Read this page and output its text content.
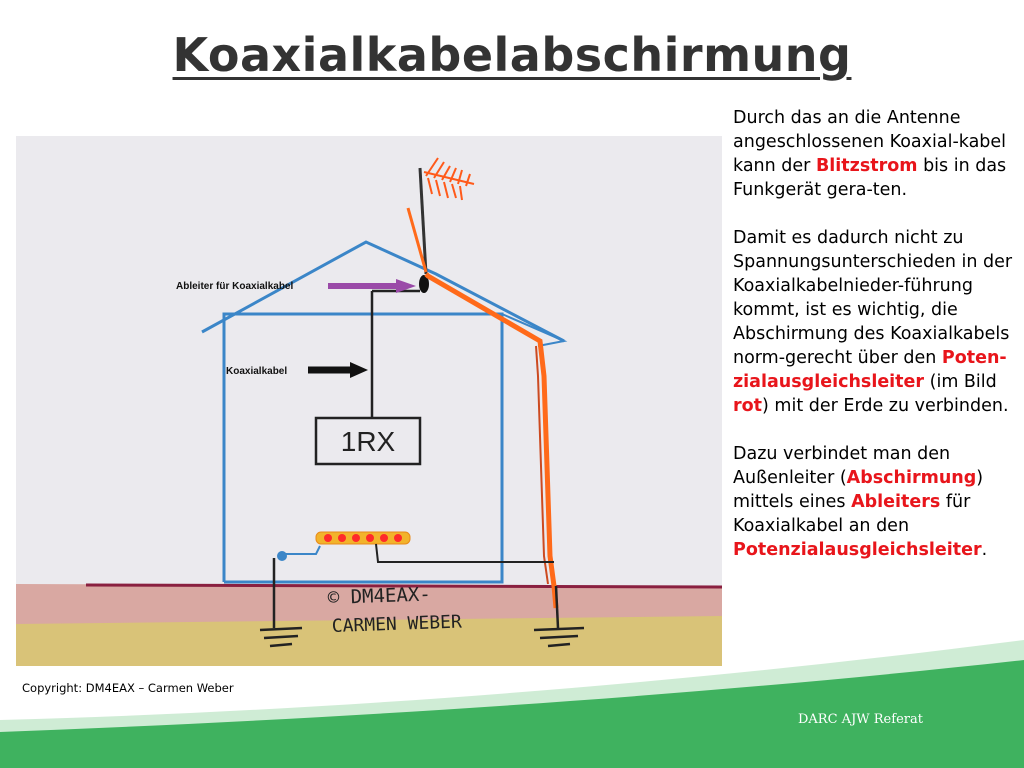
Koaxialkabelabschirmung
Ableiter für Koaxialkabel
Koaxialkabel
1RX
© DM4EAX-
CARMEN WEBER

Durch das an die Antenne angeschlossenen Koaxial-kabel kann der Blitzstrom bis in das Funkgerät gera-ten.

Damit es dadurch nicht zu Spannungsunterschieden in der Koaxialkabelnieder-führung kommt, ist es wichtig, die Abschirmung des Koaxialkabels norm-gerecht über den Poten-zialausgleichsleiter (im Bild rot) mit der Erde zu verbinden.

Dazu verbindet man den Außenleiter (Abschirmung) mittels eines Ableiters für Koaxialkabel an den Potenzialausgleichsleiter.

Copyright: DM4EAX – Carmen Weber
DARC AJW Referat
